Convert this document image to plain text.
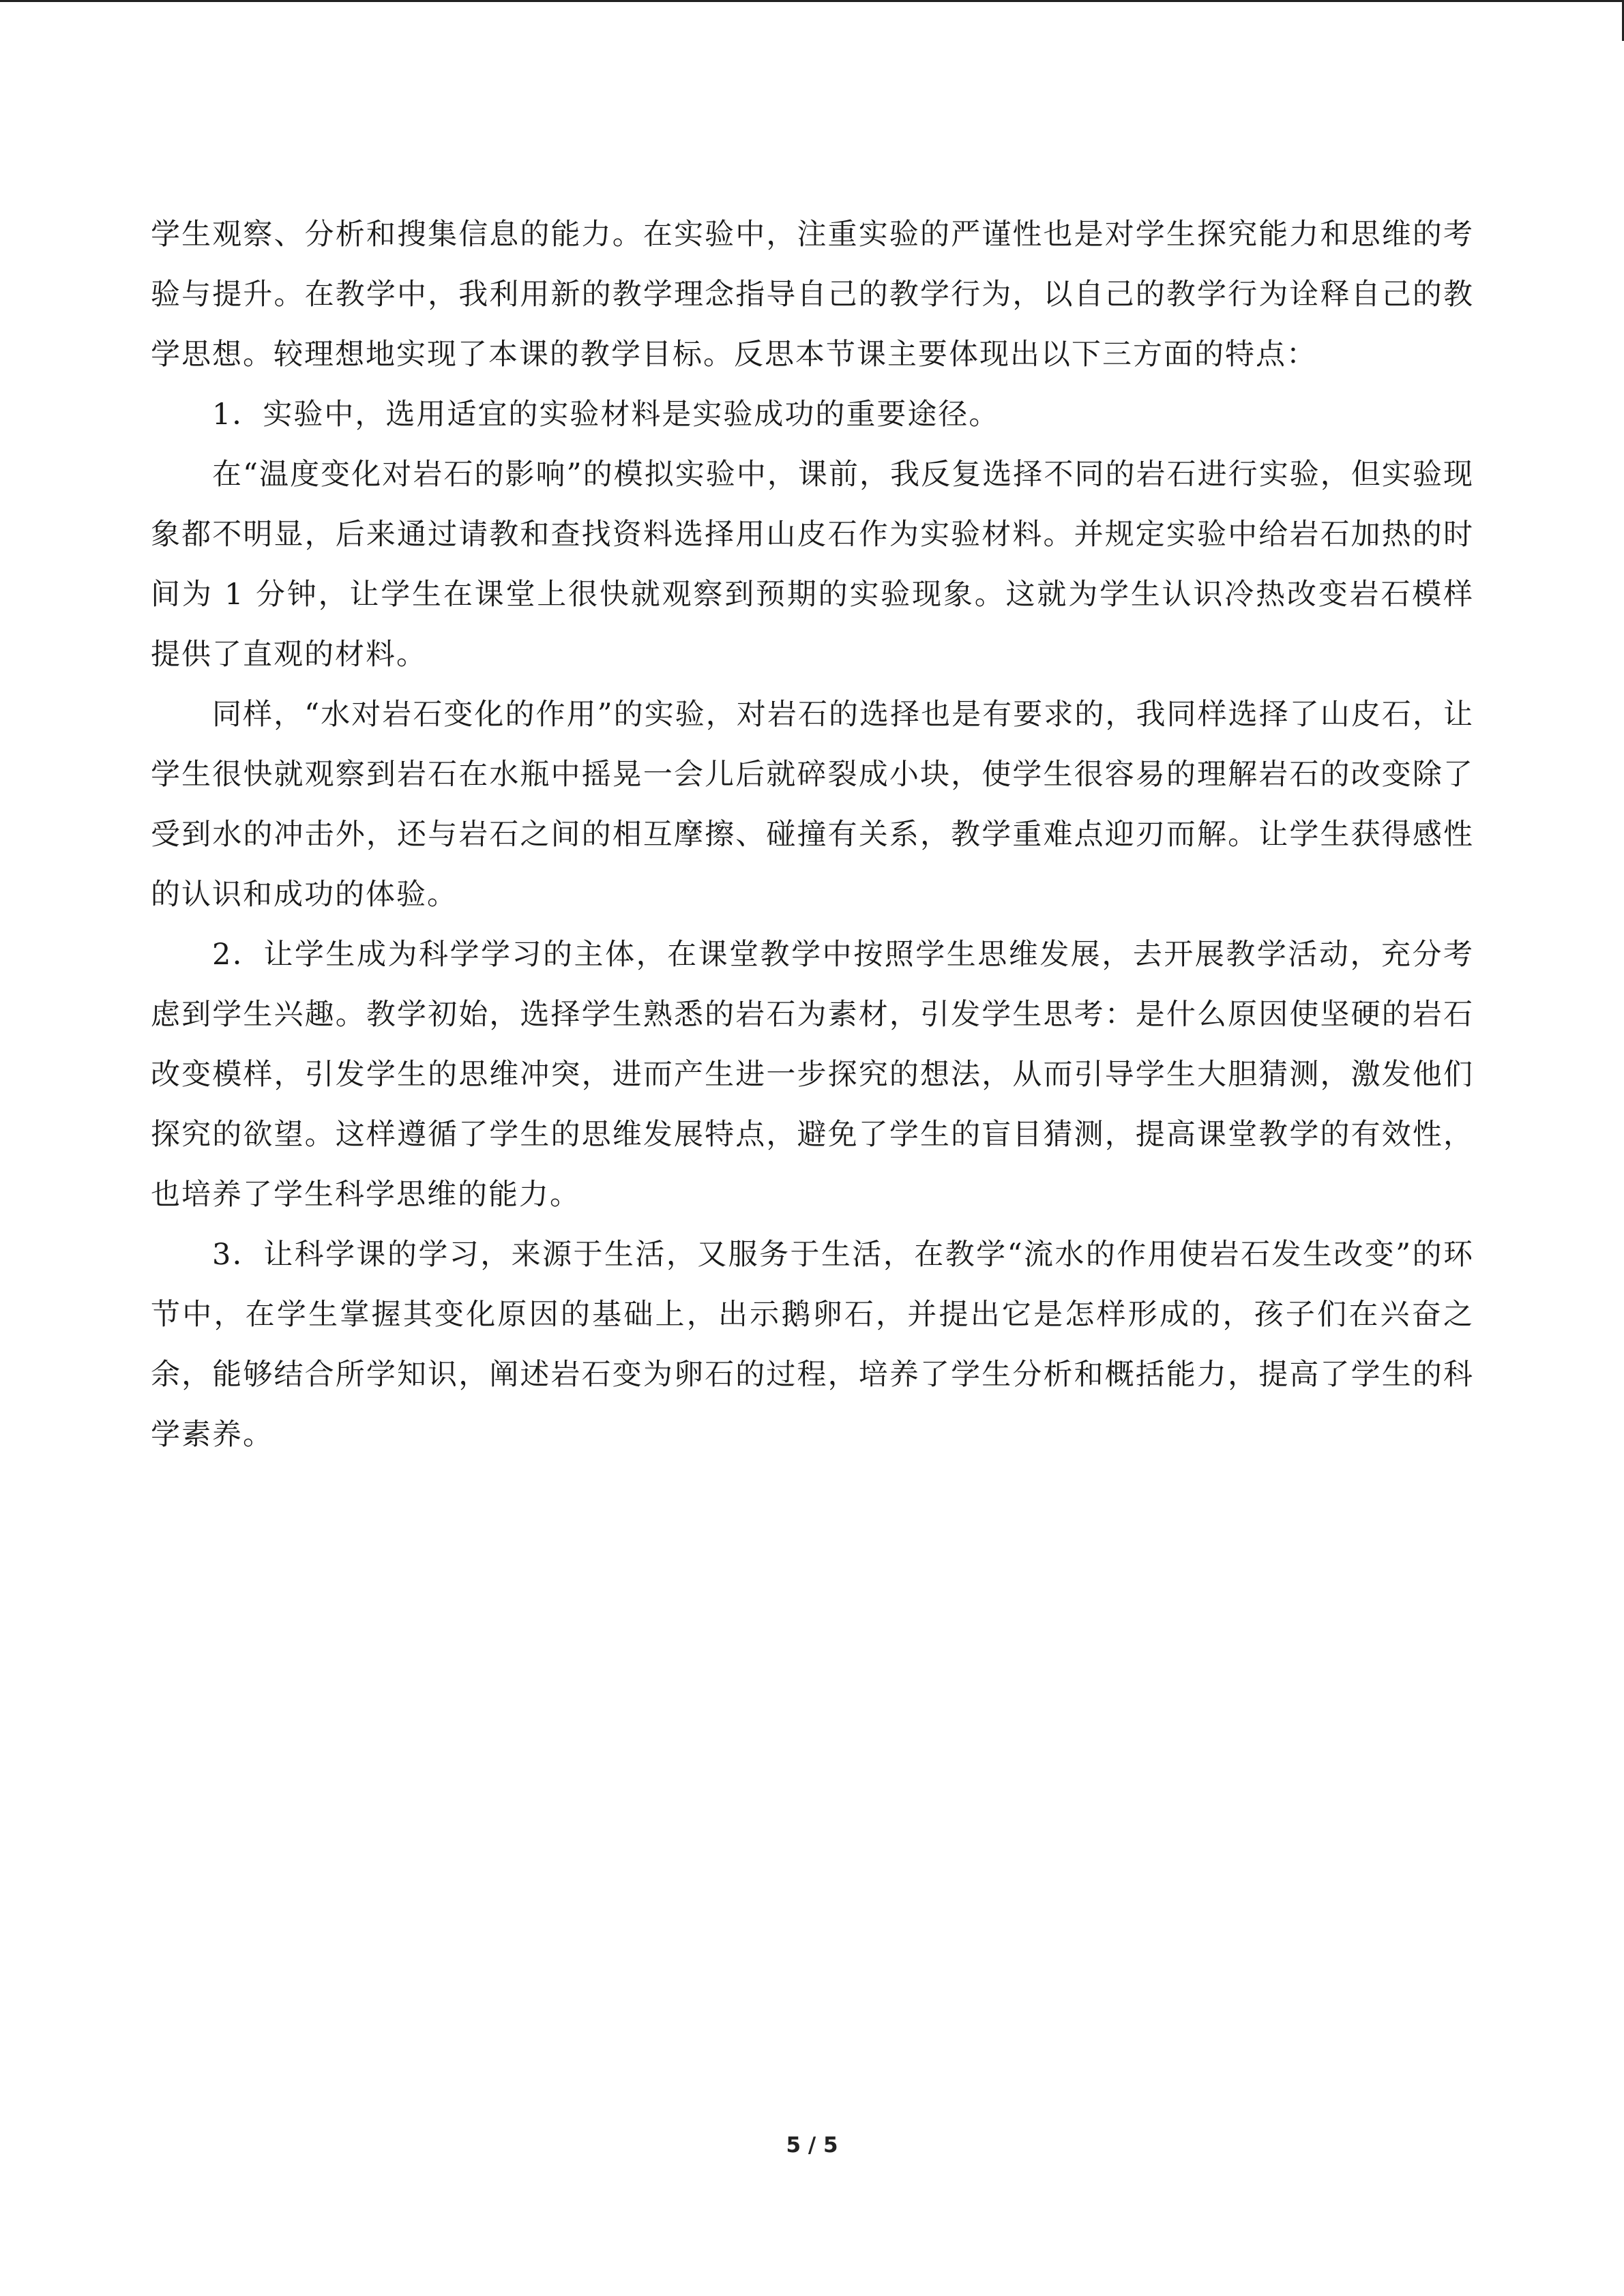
学生观察、分析和搜集信息的能力。在实验中，注重实验的严谨性也是对学生探究能力和思维的考验与提升。在教学中，我利用新的教学理念指导自己的教学行为，以自己的教学行为诠释自己的教学思想。较理想地实现了本课的教学目标。反思本节课主要体现出以下三方面的特点：

1．实验中，选用适宜的实验材料是实验成功的重要途径。

在“温度变化对岩石的影响”的模拟实验中，课前，我反复选择不同的岩石进行实验，但实验现象都不明显，后来通过请教和查找资料选择用山皮石作为实验材料。并规定实验中给岩石加热的时间为 1 分钟，让学生在课堂上很快就观察到预期的实验现象。这就为学生认识冷热改变岩石模样提供了直观的材料。

同样，“水对岩石变化的作用”的实验，对岩石的选择也是有要求的，我同样选择了山皮石，让学生很快就观察到岩石在水瓶中摇晃一会儿后就碎裂成小块，使学生很容易的理解岩石的改变除了受到水的冲击外，还与岩石之间的相互摩擦、碰撞有关系，教学重难点迎刃而解。让学生获得感性的认识和成功的体验。

2．让学生成为科学学习的主体，在课堂教学中按照学生思维发展，去开展教学活动，充分考虑到学生兴趣。教学初始，选择学生熟悉的岩石为素材，引发学生思考：是什么原因使坚硬的岩石改变模样，引发学生的思维冲突，进而产生进一步探究的想法，从而引导学生大胆猜测，激发他们探究的欲望。这样遵循了学生的思维发展特点，避免了学生的盲目猜测，提高课堂教学的有效性，也培养了学生科学思维的能力。

3．让科学课的学习，来源于生活，又服务于生活，在教学“流水的作用使岩石发生改变”的环节中，在学生掌握其变化原因的基础上，出示鹅卵石，并提出它是怎样形成的，孩子们在兴奋之余，能够结合所学知识，阐述岩石变为卵石的过程，培养了学生分析和概括能力，提高了学生的科学素养。

5 / 5
